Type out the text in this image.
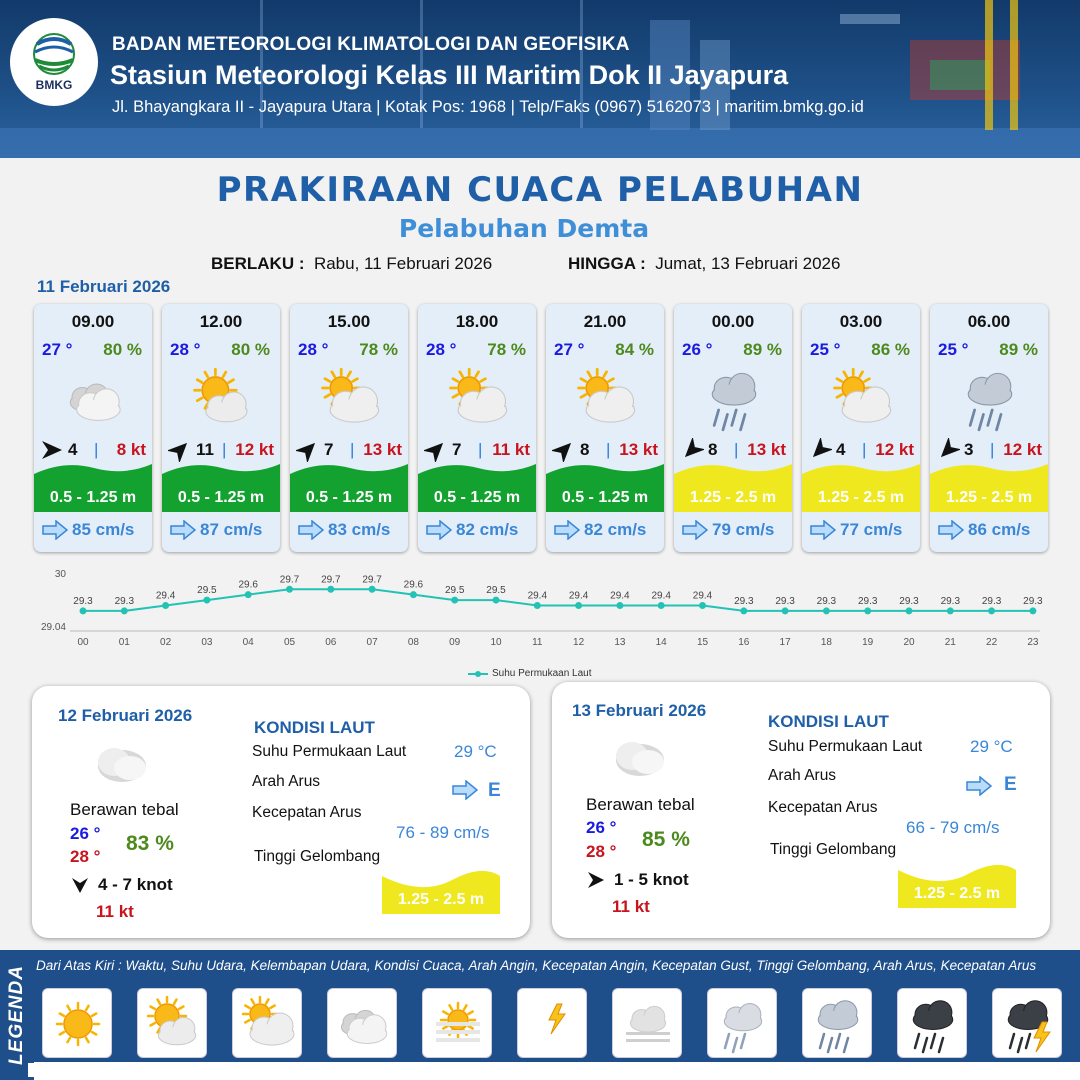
BMKG
BADAN METEOROLOGI KLIMATOLOGI DAN GEOFISIKA
Stasiun Meteorologi Kelas III Maritim Dok II Jayapura
Jl. Bhayangkara II - Jayapura Utara | Kotak Pos: 1968 | Telp/Faks (0967) 5162073 | maritim.bmkg.go.id
PRAKIRAAN CUACA PELABUHAN
Pelabuhan Demta
BERLAKU : Rabu, 11 Februari 2026	HINGGA : Jumat, 13 Februari 2026
11 Februari 2026
09.00
27 ° 80 %
4 | 8 kt
0.5 - 1.25 m
85 cm/s
12.00
28 ° 80 %
11 | 12 kt
0.5 - 1.25 m
87 cm/s
15.00
28 ° 78 %
7 | 13 kt
0.5 - 1.25 m
83 cm/s
18.00
28 ° 78 %
7 | 11 kt
0.5 - 1.25 m
82 cm/s
21.00
27 ° 84 %
8 | 13 kt
0.5 - 1.25 m
82 cm/s
00.00
26 ° 89 %
8 | 13 kt
1.25 - 2.5 m
79 cm/s
03.00
25 ° 86 %
4 | 12 kt
1.25 - 2.5 m
77 cm/s
06.00
25 ° 89 %
3 | 12 kt
1.25 - 2.5 m
86 cm/s
30
29.04
29.3
00
29.3
01
29.4
02
29.5
03
29.6
04
29.7
05
29.7
06
29.7
07
29.6
08
29.5
09
29.5
10
29.4
11
29.4
12
29.4
13
29.4
14
29.4
15
29.3
16
29.3
17
29.3
18
29.3
19
29.3
20
29.3
21
29.3
22
29.3
23
Suhu Permukaan Laut
12 Februari 2026
Berawan tebal
26 °
28 °
83 %
4 - 7 knot
11 kt
KONDISI LAUT
Suhu Permukaan Laut	29 °C
Arah Arus	E
Kecepatan Arus
76 - 89 cm/s
Tinggi Gelombang
1.25 - 2.5 m
13 Februari 2026
Berawan tebal
26 °
28 °
85 %
1 - 5 knot
11 kt
KONDISI LAUT
Suhu Permukaan Laut	29 °C
Arah Arus	E
Kecepatan Arus
66 - 79 cm/s
Tinggi Gelombang
1.25 - 2.5 m
LEGENDA Dari Atas Kiri : Waktu, Suhu Udara, Kelembapan Udara, Kondisi Cuaca, Arah Angin, Kecepatan Angin, Kecepatan Gust, Tinggi Gelombang, Arah Arus, Kecepatan Arus
